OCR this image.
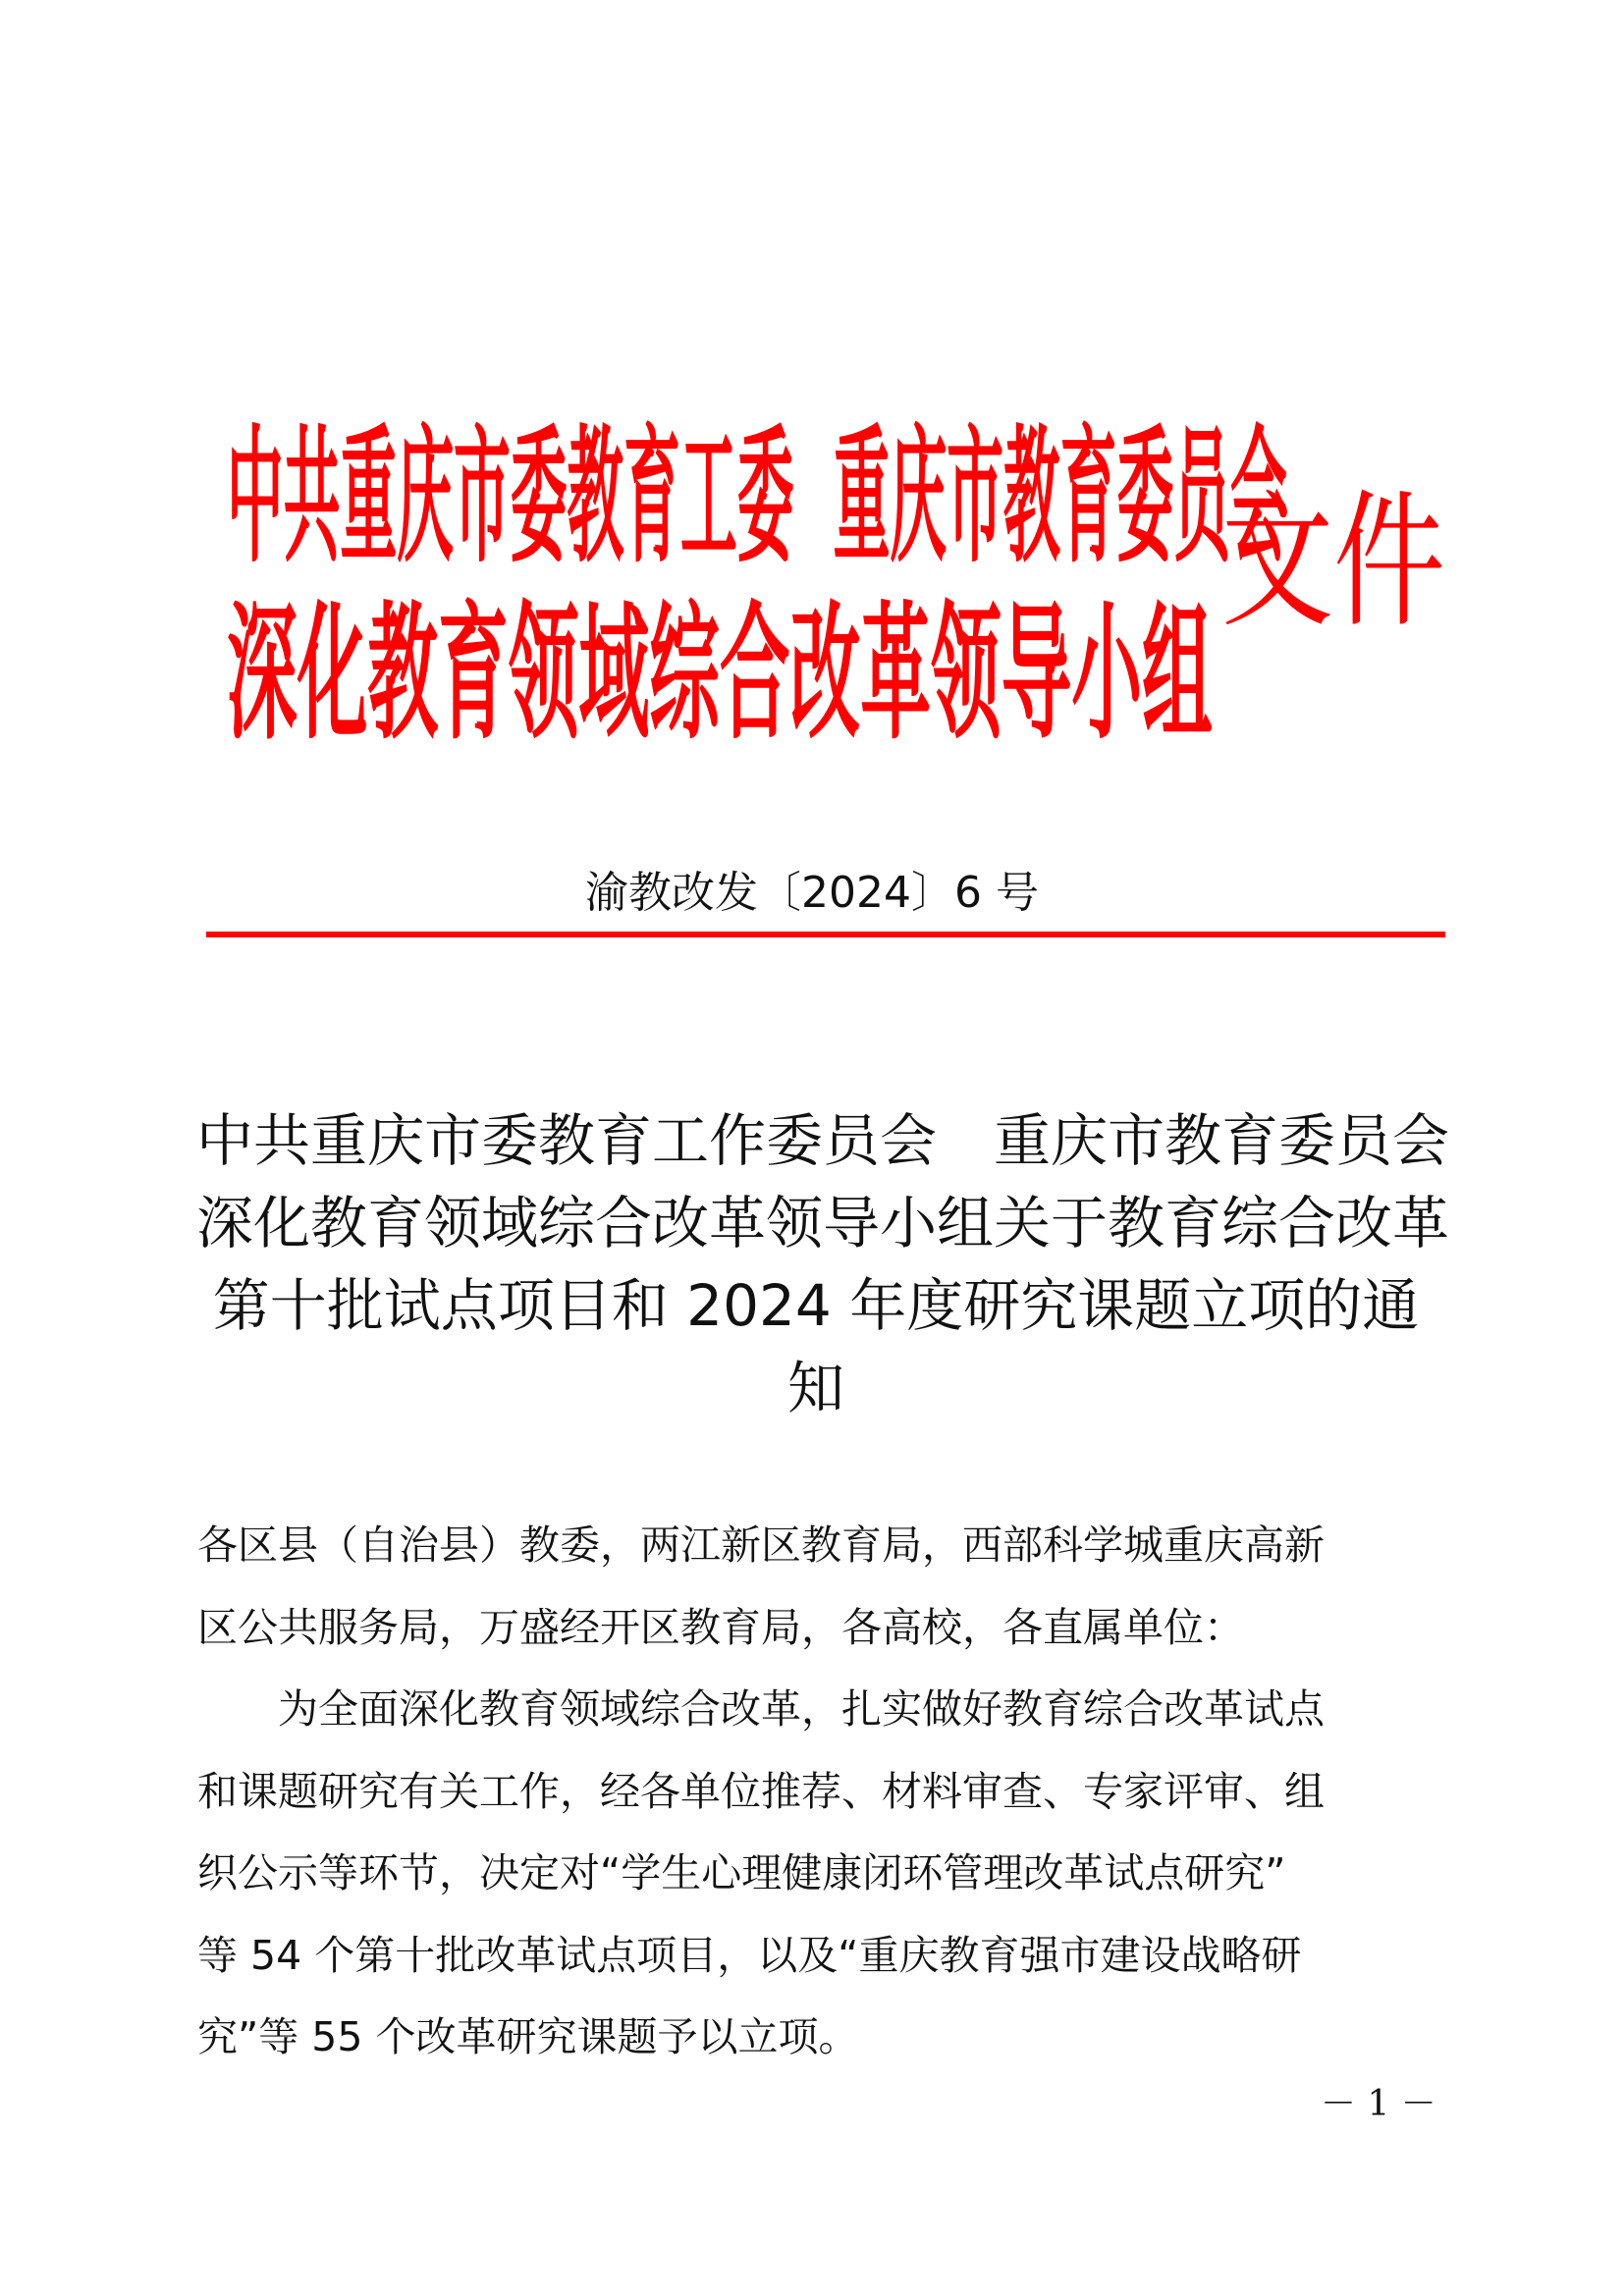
中共重庆市委教育工委  重庆市教育委员会
深化教育领域综合改革领导小组
文件
渝教改发〔2024〕6 号
中共重庆市委教育工作委员会　重庆市教育委员会
深化教育领域综合改革领导小组关于教育综合改革
第十批试点项目和 2024 年度研究课题立项的通
知
各区县（自治县）教委，两江新区教育局，西部科学城重庆高新
区公共服务局，万盛经开区教育局，各高校，各直属单位：
　　为全面深化教育领域综合改革，扎实做好教育综合改革试点
和课题研究有关工作，经各单位推荐、材料审查、专家评审、组
织公示等环节，决定对“学生心理健康闭环管理改革试点研究”
等 54 个第十批改革试点项目，以及“重庆教育强市建设战略研
究”等 55 个改革研究课题予以立项。
－ 1 －
